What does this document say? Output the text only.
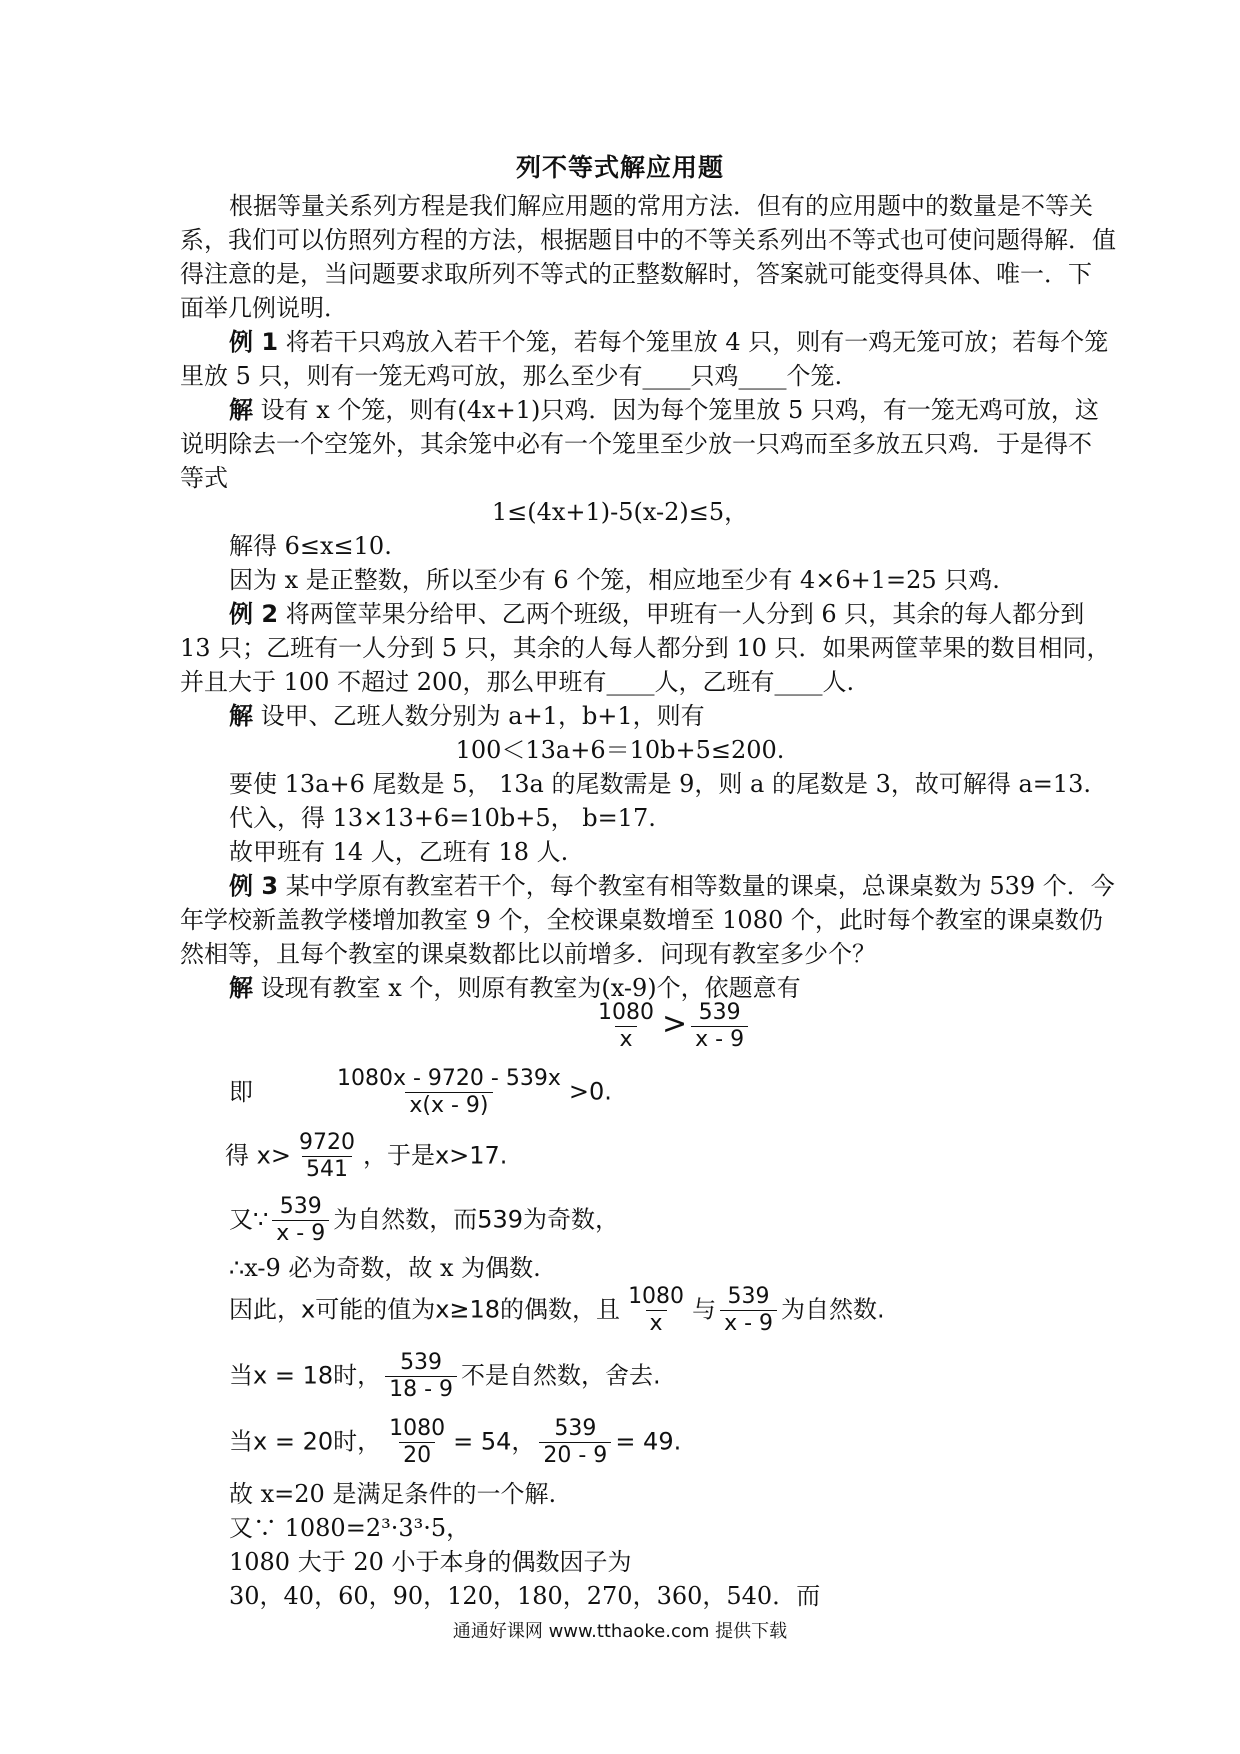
列不等式解应用题
根据等量关系列方程是我们解应用题的常用方法．但有的应用题中的数量是不等关
系，我们可以仿照列方程的方法，根据题目中的不等关系列出不等式也可使问题得解．值
得注意的是，当问题要求取所列不等式的正整数解时，答案就可能变得具体、唯一．下
面举几例说明．
例 1 将若干只鸡放入若干个笼，若每个笼里放 4 只，则有一鸡无笼可放；若每个笼
里放 5 只，则有一笼无鸡可放，那么至少有____只鸡____个笼.
解 设有 x 个笼，则有(4x+1)只鸡．因为每个笼里放 5 只鸡，有一笼无鸡可放，这
说明除去一个空笼外，其余笼中必有一个笼里至少放一只鸡而至多放五只鸡．于是得不
等式
1≤(4x+1)-5(x-2)≤5，
解得 6≤x≤10.
因为 x 是正整数，所以至少有 6 个笼，相应地至少有 4×6+1=25 只鸡.
例 2 将两筐苹果分给甲、乙两个班级，甲班有一人分到 6 只，其余的每人都分到
13 只；乙班有一人分到 5 只，其余的人每人都分到 10 只．如果两筐苹果的数目相同，
并且大于 100 不超过 200，那么甲班有____人，乙班有____人.
解 设甲、乙班人数分别为 a+1，b+1，则有
100＜13a+6＝10b+5≤200.
要使 13a+6 尾数是 5， 13a 的尾数需是 9，则 a 的尾数是 3，故可解得 a=13.
代入，得 13×13+6=10b+5， b=17.
故甲班有 14 人，乙班有 18 人.
例 3 某中学原有教室若干个，每个教室有相等数量的课桌，总课桌数为 539 个．今
年学校新盖教学楼增加教室 9 个，全校课桌数增至 1080 个，此时每个教室的课桌数仍
然相等，且每个教室的课桌数都比以前增多．问现有教室多少个？
解 设现有教室 x 个，则原有教室为(x-9)个，依题意有
$\frac{1080}{x} > \frac{539}{x - 9}$
即	$\frac{1080x - 9720 - 539x}{x(x - 9)} >0$.
得 $x> \frac{9720}{541}$ ，于是x>17.
又∵ $\frac{539}{x - 9}$ 为自然数，而539为奇数，
∴x-9 必为奇数，故 x 为偶数.
因此，x可能的值为x≥18的偶数，且 $\frac{1080}{x}$ 与 $\frac{539}{x - 9}$ 为自然数.
当x = 18时， $\frac{539}{18 - 9}$ 不是自然数，舍去.
当x = 20时， $\frac{1080}{20} = 54$， $\frac{539}{20 - 9} = 49$.
故 x=20 是满足条件的一个解.
又∵ 1080=2³·3³·5，
1080 大于 20 小于本身的偶数因子为
30，40，60，90，120，180，270，360，540．而
通通好课网 www.tthaoke.com 提供下载
